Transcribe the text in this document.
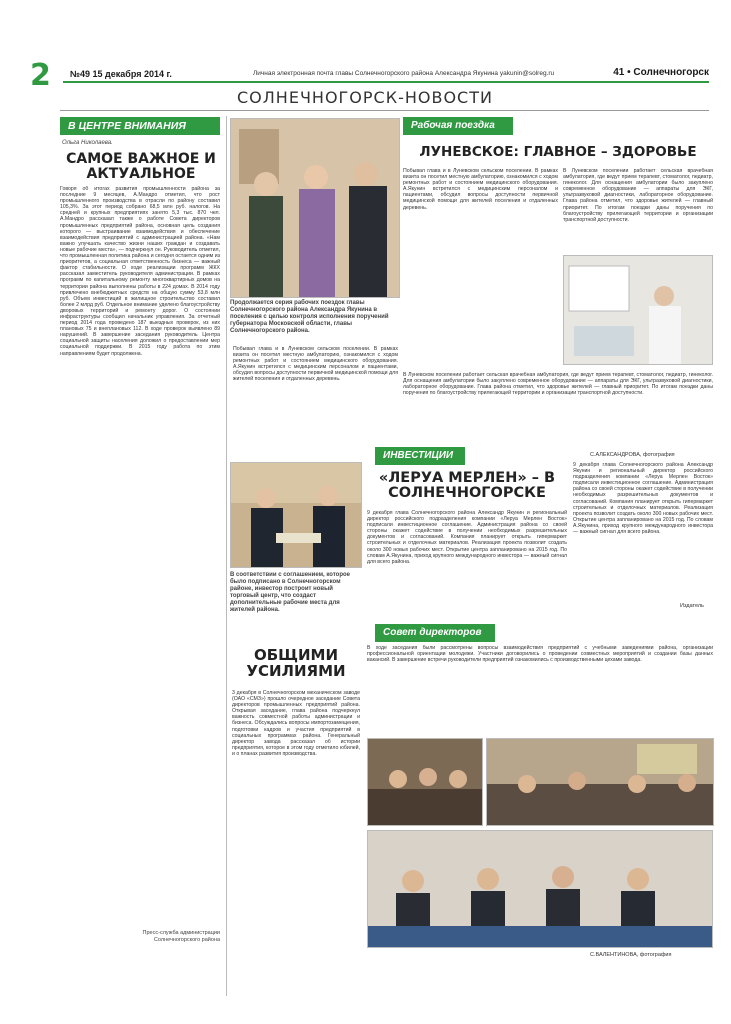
2 №49 15 декабря 2014 г.	Личная электронная почта главы Солнечногорского района Александра Якунина yakunin@solreg.ru	41 • Солнечногорск
СОЛНЕЧНОГОРСК-НОВОСТИ
В ЦЕНТРЕ ВНИМАНИЯ
Ольга Николаева.
САМОЕ ВАЖНОЕ И АКТУАЛЬНОЕ
Говоря об итогах развития промышленности района за последние 9 месяцев, А.Мандро отметил, что рост промышленного производства в отрасли по району составил 105,3%. За этот период собрано 68,5 млн руб. налогов. На средней и крупных предприятиях занято 5,3 тыс. 870 чел. А.Мандро рассказал также о работе Совета директоров промышленных предприятий района, основная цель создания которого — выстраивание взаимодействия и обеспечение взаимодействия предприятий с администрацией района. «Нам важно улучшать качество жизни наших граждан и создавать новые рабочие места», — подчеркнул он. Руководитель отметил, что промышленная политика района и сегодня остается одним из приоритетов, а социальная ответственность бизнеса — важный фактор стабильности. О ходе реализации программ ЖКХ рассказал заместитель руководителя администрации. В рамках программ по капитальному ремонту многоквартирных домов на территории района выполнены работы в 224 домах. В 2014 году привлечено внебюджетных средств на общую сумму 53,8 млн руб. Объем инвестиций в жилищное строительство составил более 2 млрд руб. Отдельное внимание уделено благоустройству дворовых территорий и ремонту дорог. О состоянии инфраструктуры сообщил начальник управления. За отчетный период 2014 года проведено 187 выездных проверок, из них плановых 75 и внеплановых 112. В ходе проверок выявлено 89 нарушений. В завершение заседания руководитель Центра социальной защиты населения доложил о предоставлении мер социальной поддержки. В 2015 году работа по этим направлениям будет продолжена.
Пресс-служба администрации Солнечногорского района
Продолжается серия рабочих поездок главы Солнечногорского района Александра Якунина в поселения с целью контроля исполнения поручений губернатора Московской области, главы Солнечногорского района.
Рабочая поездка
ЛУНЕВСКОЕ: ГЛАВНОЕ – ЗДОРОВЬЕ
Побывал глава и в Луневском сельском поселении. В рамках визита он посетил местную амбулаторию, ознакомился с ходом ремонтных работ и состоянием медицинского оборудования. А.Якунин встретился с медицинским персоналом и пациентами, обсудил вопросы доступности первичной медицинской помощи для жителей поселения и отдаленных деревень.
В Луневском поселении работает сельская врачебная амбулатория, где ведут прием терапевт, стоматолог, педиатр, гинеколог. Для оснащения амбулатории было закуплено современное оборудование — аппараты для ЭКГ, ультразвуковой диагностики, лабораторное оборудование. Глава района отметил, что здоровье жителей — главный приоритет. По итогам поездки даны поручения по благоустройству прилегающей территории и организации транспортной доступности.
Побывал глава и в Луневском сельском поселении. В рамках визита он посетил местную амбулаторию, ознакомился с ходом ремонтных работ и состоянием медицинского оборудования. А.Якунин встретился с медицинским персоналом и пациентами, обсудил вопросы доступности первичной медицинской помощи для жителей поселения и отдаленных деревень.
В Луневском поселении работает сельская врачебная амбулатория, где ведут прием терапевт, стоматолог, педиатр, гинеколог. Для оснащения амбулатории было закуплено современное оборудование — аппараты для ЭКГ, ультразвуковой диагностики, лабораторное оборудование. Глава района отметил, что здоровье жителей — главный приоритет. По итогам поездки даны поручения по благоустройству прилегающей территории и организации транспортной доступности.
С.АЛЕКСАНДРОВА, фотография
ИНВЕСТИЦИИ
В соответствии с соглашением, которое было подписано в Солнечногорском районе, инвестор построит новый торговый центр, что создаст дополнительные рабочие места для жителей района.
«ЛЕРУА МЕРЛЕН» – В СОЛНЕЧНОГОРСКЕ
9 декабря глава Солнечногорского района Александр Якунин и региональный директор российского подразделения компании «Леруа Мерлен Восток» подписали инвестиционное соглашение. Администрация района со своей стороны окажет содействие в получении необходимых разрешительных документов и согласований. Компания планирует открыть гипермаркет строительных и отделочных материалов. Реализация проекта позволит создать около 300 новых рабочих мест. Открытие центра запланировано на 2015 год. По словам А.Якунина, приход крупного международного инвестора — важный сигнал для всего района.
9 декабря глава Солнечногорского района Александр Якунин и региональный директор российского подразделения компании «Леруа Мерлен Восток» подписали инвестиционное соглашение. Администрация района со своей стороны окажет содействие в получении необходимых разрешительных документов и согласований. Компания планирует открыть гипермаркет строительных и отделочных материалов. Реализация проекта позволит создать около 300 новых рабочих мест. Открытие центра запланировано на 2015 год. По словам А.Якунина, приход крупного международного инвестора — важный сигнал для всего района.
Издатель
Совет директоров
ОБЩИМИ УСИЛИЯМИ
3 декабря в Солнечногорском механическом заводе (ОАО «СМЗ») прошло очередное заседание Совета директоров промышленных предприятий района. Открывая заседание, глава района подчеркнул важность совместной работы администрации и бизнеса. Обсуждались вопросы импортозамещения, подготовки кадров и участия предприятий в социальных программах района. Генеральный директор завода рассказал об истории предприятия, которое в этом году отметило юбилей, и о планах развития производства.
В ходе заседания были рассмотрены вопросы взаимодействия предприятий с учебными заведениями района, организации профессиональной ориентации молодежи. Участники договорились о проведении совместных мероприятий и создании базы данных вакансий. В завершение встречи руководители предприятий ознакомились с производственными цехами завода.
С.ВАЛЕНТИНОВА, фотография
